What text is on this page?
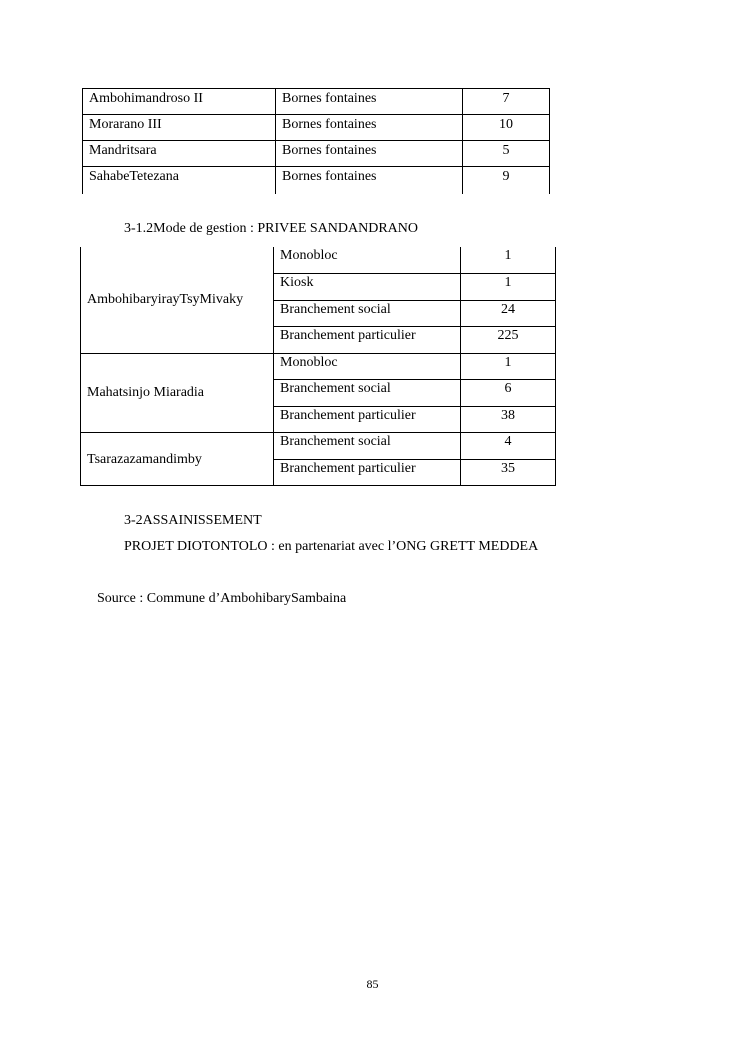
Ambohimandroso II	Bornes fontaines	7
Morarano III	Bornes fontaines	10
Mandritsara	Bornes fontaines	5
SahabeTetezana	Bornes fontaines	9
3-1.2Mode de gestion : PRIVEE SANDANDRANO
AmbohibaryirayTsyMivaky	Monobloc	1
	Kiosk	1
	Branchement social	24
	Branchement particulier	225
Mahatsinjo Miaradia	Monobloc	1
	Branchement social	6
	Branchement particulier	38
Tsarazazamandimby	Branchement social	4
	Branchement particulier	35
3-2ASSAINISSEMENT
PROJET DIOTONTOLO : en partenariat avec l’ONG GRETT MEDDEA
Source : Commune d’AmbohibarySambaina
85
